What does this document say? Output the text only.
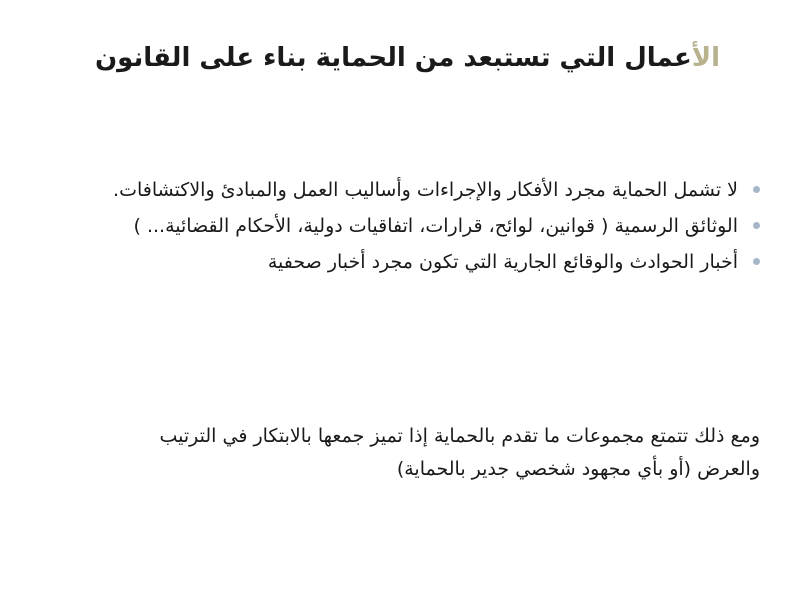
الأعمال التي تستبعد من الحماية بناء على القانون
لا تشمل الحماية مجرد الأفكار والإجراءات وأساليب العمل والمبادئ والاكتشافات.
الوثائق الرسمية ( قوانين، لوائح، قرارات، اتفاقيات دولية، الأحكام القضائية... )
أخبار الحوادث والوقائع الجارية التي تكون مجرد أخبار صحفية
ومع ذلك تتمتع مجموعات ما تقدم بالحماية إذا تميز جمعها بالابتكار في الترتيب والعرض (أو بأي مجهود شخصي جدير بالحماية)
